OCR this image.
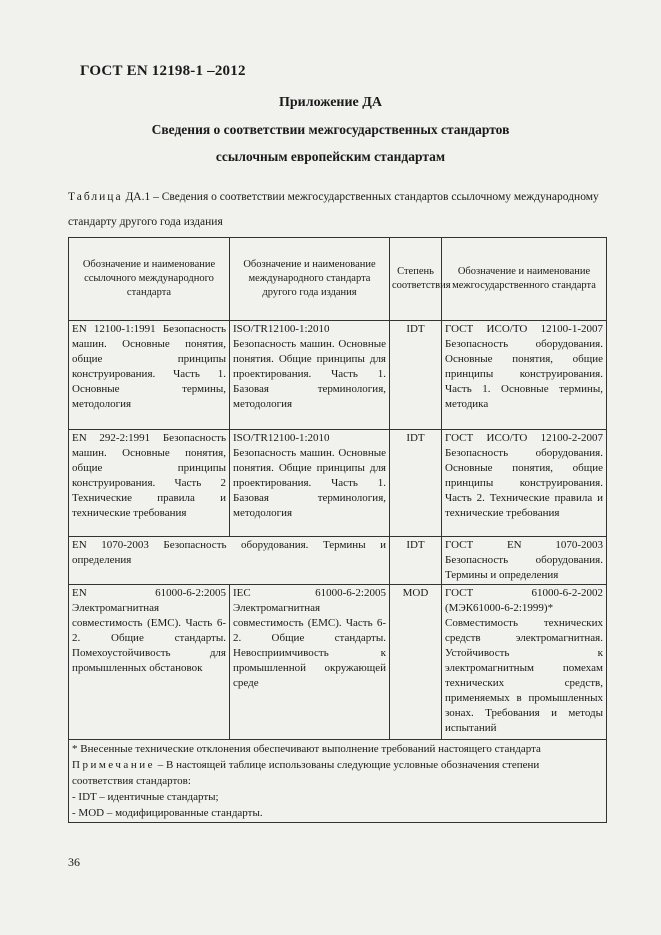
ГОСТ EN 12198-1 –2012
Приложение ДА
Сведения о соответствии межгосударственных стандартов
ссылочным европейским стандартам
Таблица ДА.1 – Сведения о соответствии межгосударственных стандартов ссылочному международному стандарту другого года издания
Обозначение и наименование ссылочного международного стандарта	Обозначение и наименование международного стандарта другого года издания	Степень соответствия	Обозначение и наименование межгосударственного стандарта
EN 12100-1:1991 Безопасность машин. Основные понятия, общие принципы конструирования. Часть 1. Основные термины, методология	ISO/TR12100-1:2010 Безопасность машин. Основные понятия. Общие принципы для проектирования. Часть 1. Базовая терминология, методология	IDT	ГОСТ ИСО/ТО 12100-1-2007 Безопасность оборудования. Основные понятия, общие принципы конструирования. Часть 1. Основные термины, методика
EN 292-2:1991 Безопасность машин. Основные понятия, общие принципы конструирования. Часть 2 Технические правила и технические требования	ISO/TR12100-1:2010 Безопасность машин. Основные понятия. Общие принципы для проектирования. Часть 1. Базовая терминология, методология	IDT	ГОСТ ИСО/ТО 12100-2-2007 Безопасность оборудования. Основные понятия, общие принципы конструирования. Часть 2. Технические правила и технические требования
EN 1070-2003 Безопасность оборудования. Термины и определения		IDT	ГОСТ EN 1070-2003 Безопасность оборудования. Термины и определения
EN 61000-6-2:2005 Электромагнитная совместимость (ЕМС). Часть 6-2. Общие стандарты. Помехоустойчивость для промышленных обстановок	IEC 61000-6-2:2005 Электромагнитная совместимость (ЕМС). Часть 6-2. Общие стандарты. Невосприимчивость к промышленной окружающей среде	MOD	ГОСТ 61000-6-2-2002 (МЭК61000-6-2:1999)* Совместимость технических средств электромагнитная. Устойчивость к электромагнитным помехам технических средств, применяемых в промышленных зонах. Требования и методы испытаний

* Внесенные технические отклонения обеспечивают выполнение требований настоящего стандарта
Примечание – В настоящей таблице использованы следующие условные обозначения степени соответствия стандартов:
- IDT – идентичные стандарты;
- MOD – модифицированные стандарты.			
36
